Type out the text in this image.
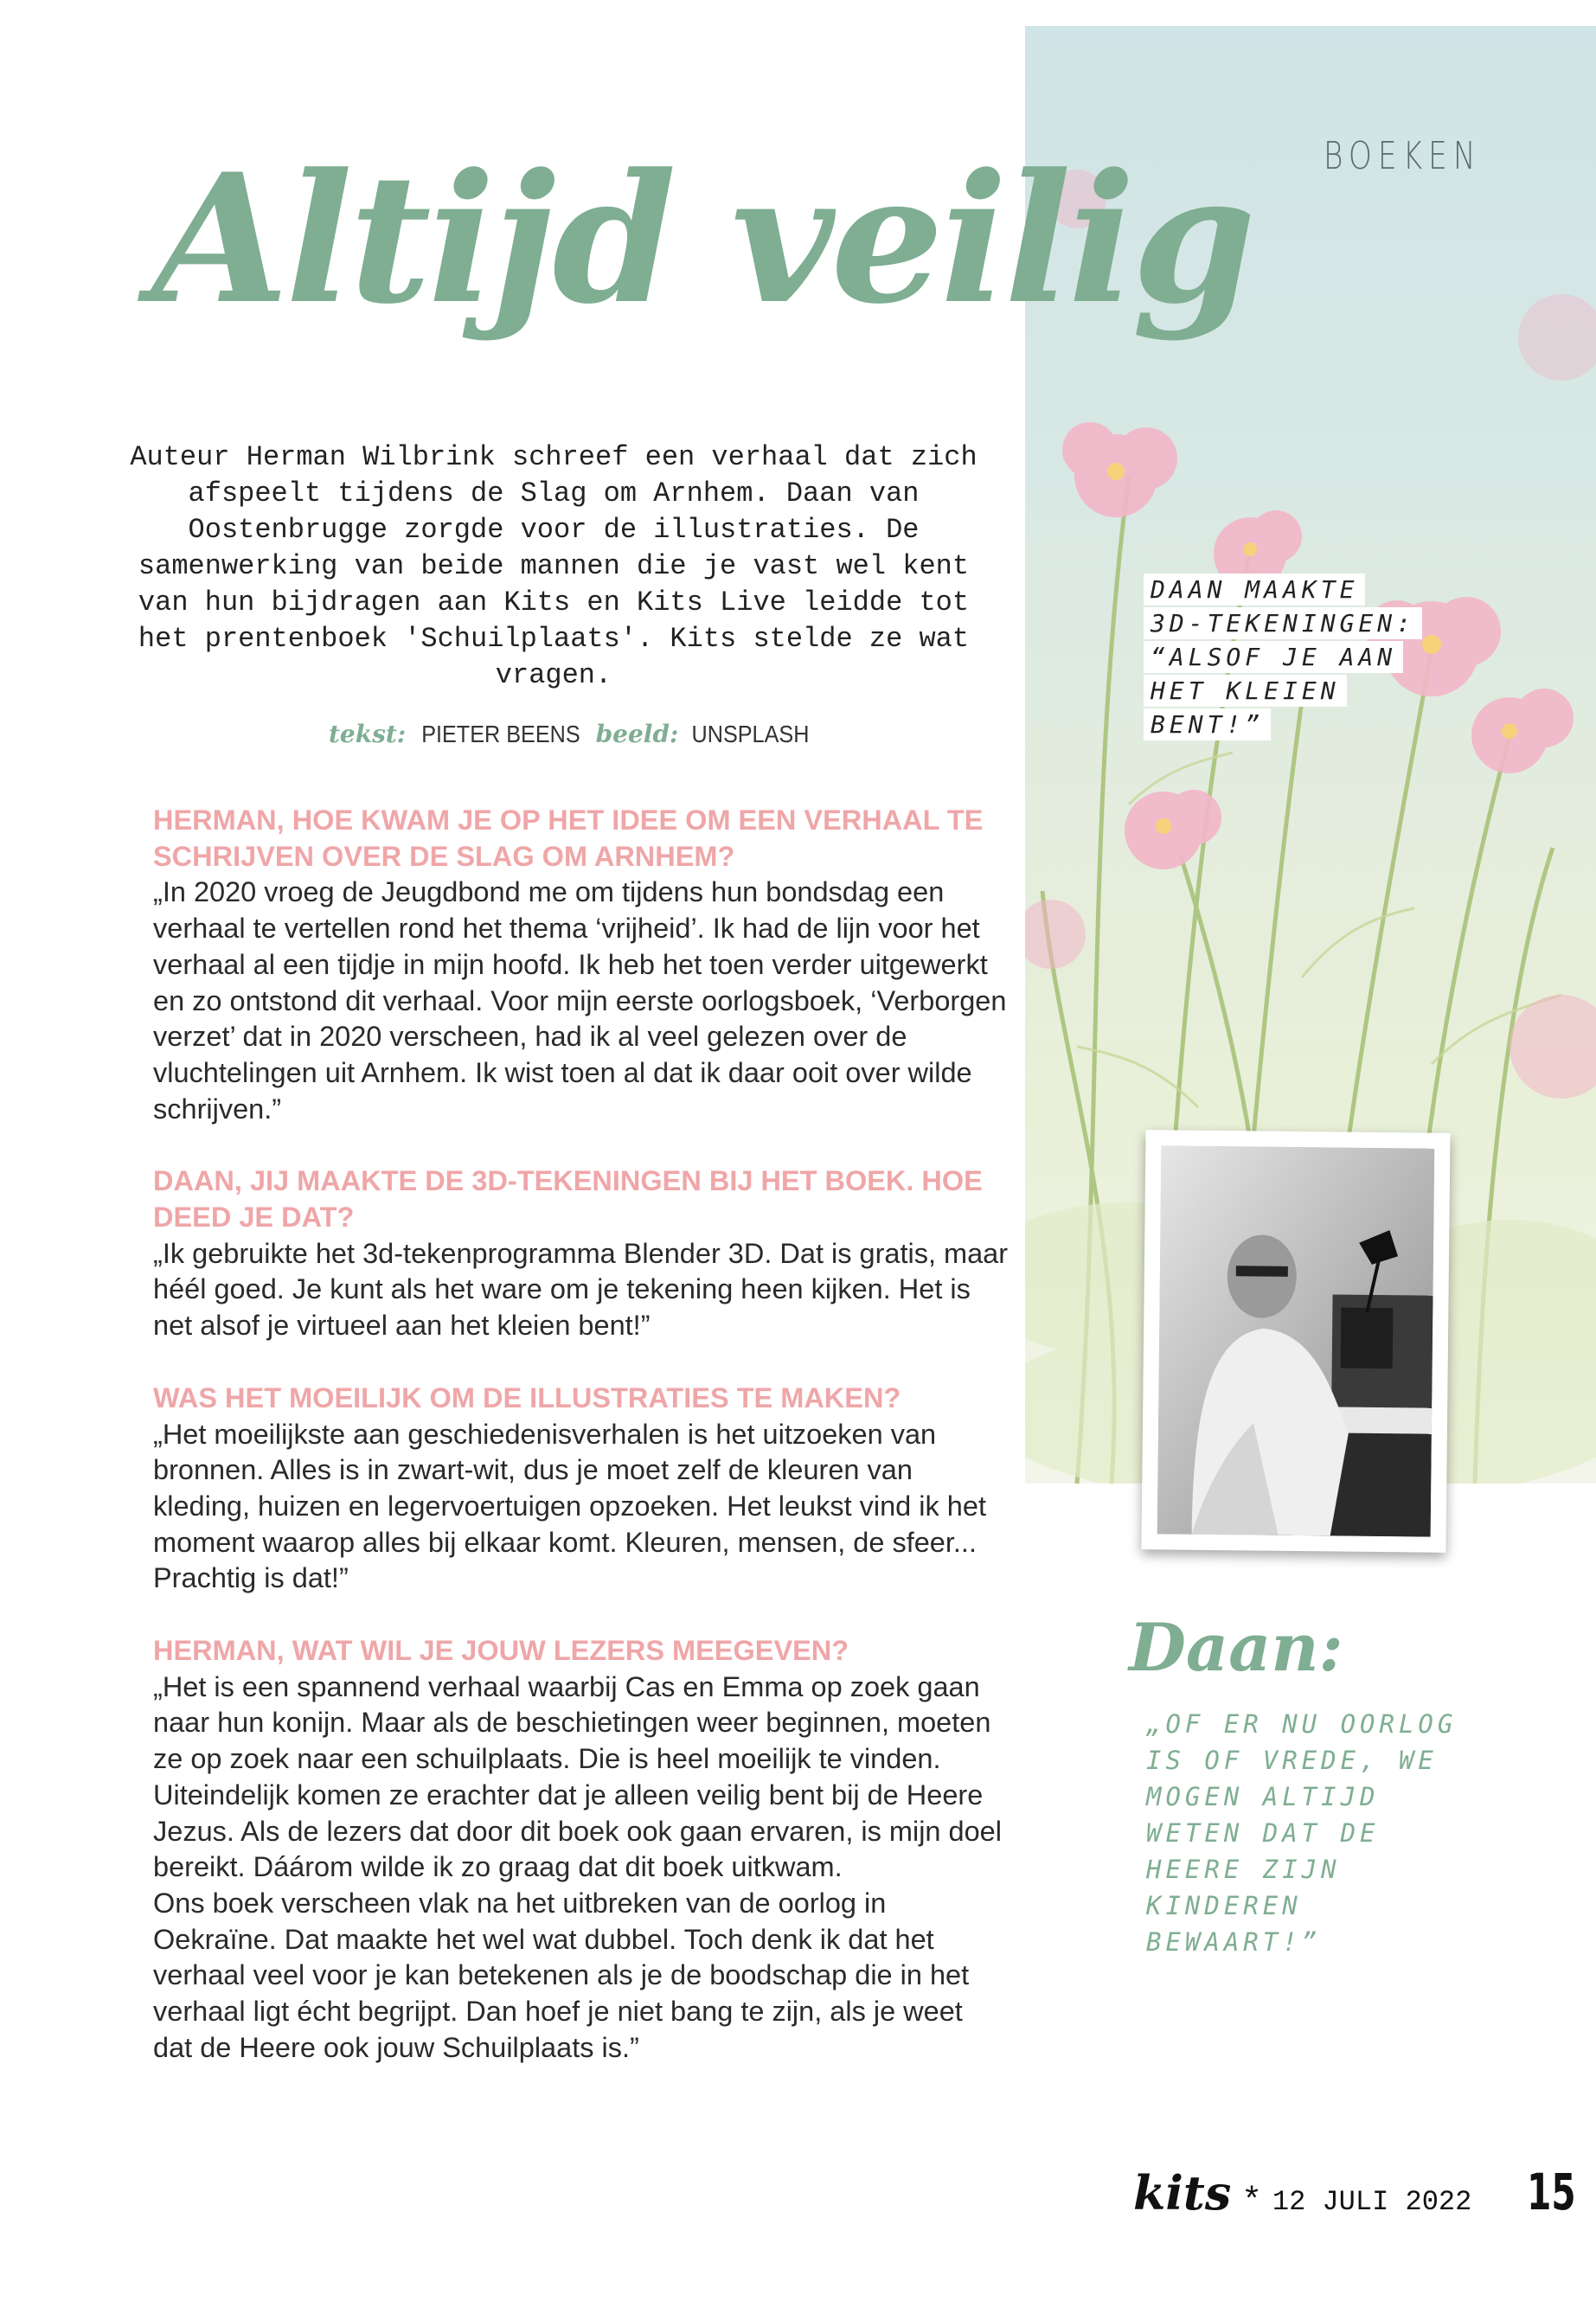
BOEKEN
DAAN MAAKTE
3D-TEKENINGEN:
“ALSOF JE AAN
HET KLEIEN
BENT!”
Altijd veilig
Auteur Herman Wilbrink schreef een verhaal dat zich afspeelt tijdens de Slag om Arnhem. Daan van Oostenbrugge zorgde voor de illustraties. De samenwerking van beide mannen die je vast wel kent van hun bijdragen aan Kits en Kits Live leidde tot het prentenboek 'Schuilplaats'. Kits stelde ze wat vragen.
tekst: PIETER BEENS beeld: UNSPLASH
HERMAN, HOE KWAM JE OP HET IDEE OM EEN VERHAAL TE SCHRIJVEN OVER DE SLAG OM ARNHEM?
„In 2020 vroeg de Jeugdbond me om tijdens hun bondsdag een verhaal te vertellen rond het thema ‘vrijheid’. Ik had de lijn voor het verhaal al een tijdje in mijn hoofd. Ik heb het toen verder uitgewerkt en zo ontstond dit verhaal. Voor mijn eerste oorlogsboek, ‘Verborgen verzet’ dat in 2020 verscheen, had ik al veel gelezen over de vluchtelingen uit Arnhem. Ik wist toen al dat ik daar ooit over wilde schrijven.”
DAAN, JIJ MAAKTE DE 3D-TEKENINGEN BIJ HET BOEK. HOE DEED JE DAT?
„Ik gebruikte het 3d-tekenprogramma Blender 3D. Dat is gratis, maar héél goed. Je kunt als het ware om je tekening heen kijken. Het is net alsof je virtueel aan het kleien bent!”
WAS HET MOEILIJK OM DE ILLUSTRATIES TE MAKEN?
„Het moeilijkste aan geschiedenisverhalen is het uitzoeken van bronnen. Alles is in zwart-wit, dus je moet zelf de kleuren van kleding, huizen en legervoertuigen opzoeken. Het leukst vind ik het moment waarop alles bij elkaar komt. Kleuren, mensen, de sfeer... Prachtig is dat!”
HERMAN, WAT WIL JE JOUW LEZERS MEEGEVEN?
„Het is een spannend verhaal waarbij Cas en Emma op zoek gaan naar hun konijn. Maar als de beschietingen weer beginnen, moeten ze op zoek naar een schuilplaats. Die is heel moeilijk te vinden. Uiteindelijk komen ze erachter dat je alleen veilig bent bij de Heere Jezus. Als de lezers dat door dit boek ook gaan ervaren, is mijn doel bereikt. Dáárom wilde ik zo graag dat dit boek uitkwam.
Ons boek verscheen vlak na het uitbreken van de oorlog in Oekraïne. Dat maakte het wel wat dubbel. Toch denk ik dat het verhaal veel voor je kan betekenen als je de boodschap die in het verhaal ligt écht begrijpt. Dan hoef je niet bang te zijn, als je weet dat de Heere ook jouw Schuilplaats is.”
Daan:
„OF ER NU OORLOG IS OF VREDE, WE MOGEN ALTIJD WETEN DAT DE HEERE ZIJN KINDEREN BEWAART!”
kits * 12 JULI 2022 15
